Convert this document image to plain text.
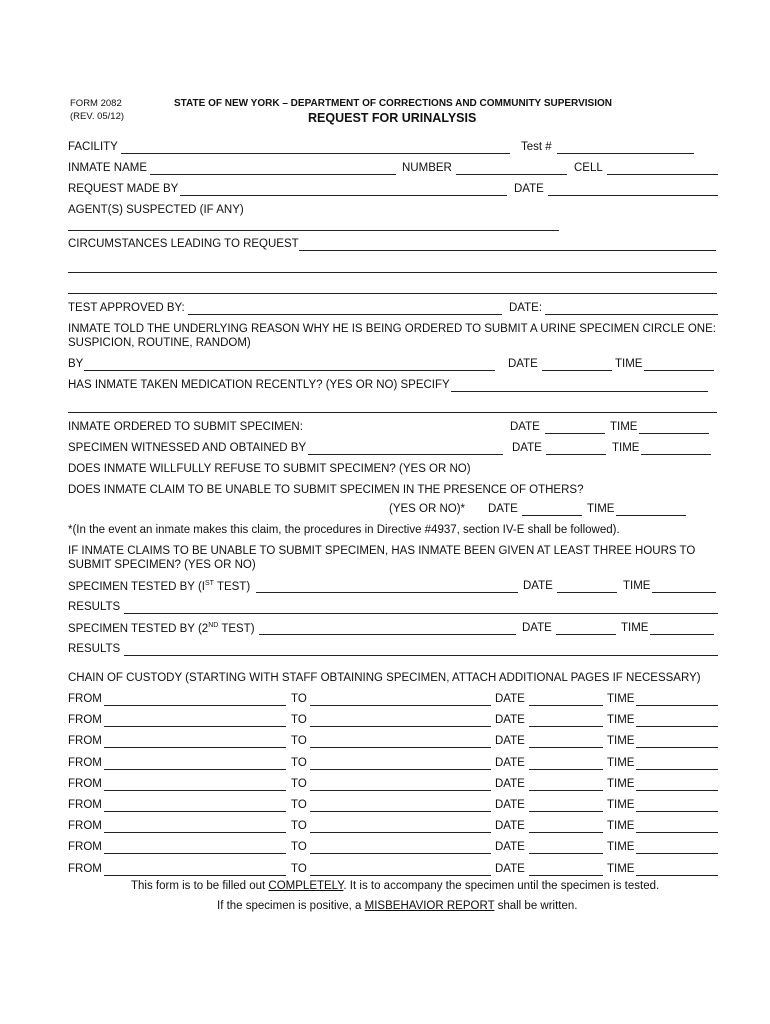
FORM 2082
(REV. 05/12)
STATE OF NEW YORK – DEPARTMENT OF CORRECTIONS AND COMMUNITY SUPERVISION
REQUEST FOR URINALYSIS
FACILITY	Test #
INMATE NAME	NUMBER	CELL
REQUEST MADE BY	DATE
AGENT(S) SUSPECTED (IF ANY)
CIRCUMSTANCES LEADING TO REQUEST
TEST APPROVED BY:	DATE:
INMATE TOLD THE UNDERLYING REASON WHY HE IS BEING ORDERED TO SUBMIT A URINE SPECIMEN CIRCLE ONE:
SUSPICION, ROUTINE, RANDOM)
BY	DATE	TIME
HAS INMATE TAKEN MEDICATION RECENTLY? (YES OR NO) SPECIFY
INMATE ORDERED TO SUBMIT SPECIMEN:	DATE	TIME
SPECIMEN WITNESSED AND OBTAINED BY	DATE	TIME
DOES INMATE WILLFULLY REFUSE TO SUBMIT SPECIMEN? (YES OR NO)
DOES INMATE CLAIM TO BE UNABLE TO SUBMIT SPECIMEN IN THE PRESENCE OF OTHERS?
(YES OR NO)* DATE	TIME
*(In the event an inmate makes this claim, the procedures in Directive #4937, section IV-E shall be followed).
IF INMATE CLAIMS TO BE UNABLE TO SUBMIT SPECIMEN, HAS INMATE BEEN GIVEN AT LEAST THREE HOURS TO
SUBMIT SPECIMEN? (YES OR NO)
SPECIMEN TESTED BY (IST TEST)	DATE	TIME
RESULTS
SPECIMEN TESTED BY (2ND TEST)	DATE	TIME
RESULTS
CHAIN OF CUSTODY (STARTING WITH STAFF OBTAINING SPECIMEN, ATTACH ADDITIONAL PAGES IF NECESSARY)
FROM	TO	DATE	TIME
FROM	TO	DATE	TIME
FROM	TO	DATE	TIME
FROM	TO	DATE	TIME
FROM	TO	DATE	TIME
FROM	TO	DATE	TIME
FROM	TO	DATE	TIME
FROM	TO	DATE	TIME
FROM	TO	DATE	TIME
This form is to be filled out COMPLETELY. It is to accompany the specimen until the specimen is tested.
If the specimen is positive, a MISBEHAVIOR REPORT shall be written.
